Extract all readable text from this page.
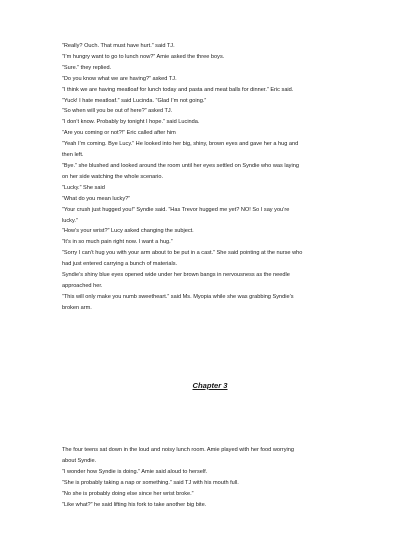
“Really? Ouch. That must have hurt.” said TJ.

“I’m hungry want to go to lunch now?” Amie asked the three boys.

“Sure.” they replied.

“Do you know what we are having?” asked TJ.

“I think we are having meatloaf for lunch today and pasta and meat balls for dinner.” Eric said.

“Yuck! I hate meatloaf.” said Lucinda. “Glad I’m not going.”

“So when will you be out of here?” asked TJ.

“I don’t know. Probably by tonight I hope.” said Lucinda.

“Are you coming or not?!” Eric called after him

“Yeah I’m coming. Bye Lucy.” He looked into her big, shiny, brown eyes and gave her a hug and

then left.

“Bye.” she blushed and looked around the room until her eyes settled on Syndie who was laying

on her side watching the whole scenario.

“Lucky.” She said

“What do you mean lucky?”

“Your crush just hugged you!” Syndie said. “Has Trevor hugged me yet? NO! So I say you’re

lucky.”

“How’s your wrist?” Lucy asked changing the subject.

“It’s in so much pain right now. I want a hug.”

“Sorry I can’t hug you with your arm about to be put in a cast.” She said pointing at the nurse who

had just entered carrying a bunch of materials.

Syndie’s shiny blue eyes opened wide under her brown bangs in nervousness as the needle

approached her.

“This will only make you numb sweetheart.” said Ms. Myopia while she was grabbing Syndie’s

broken arm.

Chapter 3

The four teens sat down in the loud and noisy lunch room. Amie played with her food worrying

about Syndie.

“I wonder how Syndie is doing.” Amie said aloud to herself.

“She is probably taking a nap or something.” said TJ with his mouth full.

“No she is probably doing else since her wrist broke.”

“Like what?” he said lifting his fork to take another big bite.
